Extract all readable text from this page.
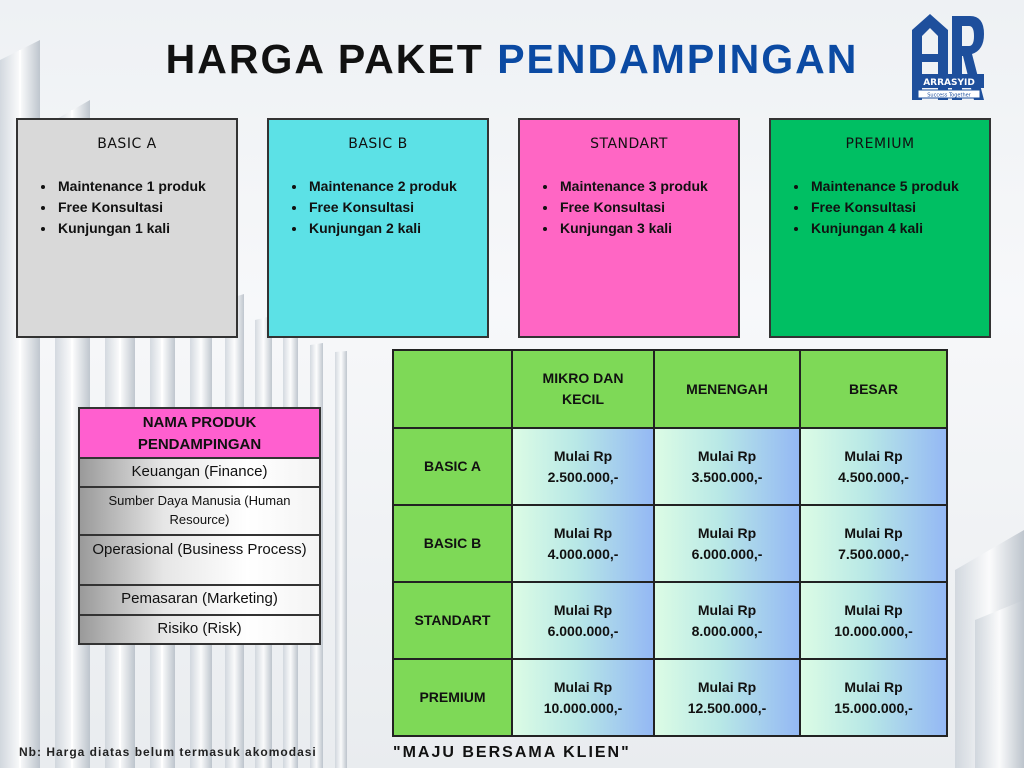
HARGA PAKET PENDAMPINGAN
ARRASYID
Success Together
BASIC A
• Maintenance 1 produk
• Free Konsultasi
• Kunjungan 1 kali
BASIC B
• Maintenance 2 produk
• Free Konsultasi
• Kunjungan 2 kali
STANDART
• Maintenance 3 produk
• Free Konsultasi
• Kunjungan 3 kali
PREMIUM
• Maintenance 5 produk
• Free Konsultasi
• Kunjungan 4 kali
NAMA PRODUK PENDAMPINGAN
Keuangan (Finance)
Sumber Daya Manusia (Human Resource)
Operasional (Business Process)
Pemasaran (Marketing)
Risiko (Risk)
	MIKRO DAN KECIL	MENENGAH	BESAR
BASIC A	Mulai Rp 2.500.000,-	Mulai Rp 3.500.000,-	Mulai Rp 4.500.000,-
BASIC B	Mulai Rp 4.000.000,-	Mulai Rp 6.000.000,-	Mulai Rp 7.500.000,-
STANDART	Mulai Rp 6.000.000,-	Mulai Rp 8.000.000,-	Mulai Rp 10.000.000,-
PREMIUM	Mulai Rp 10.000.000,-	Mulai Rp 12.500.000,-	Mulai Rp 15.000.000,-
Nb: Harga diatas belum termasuk akomodasi	"MAJU BERSAMA KLIEN"
